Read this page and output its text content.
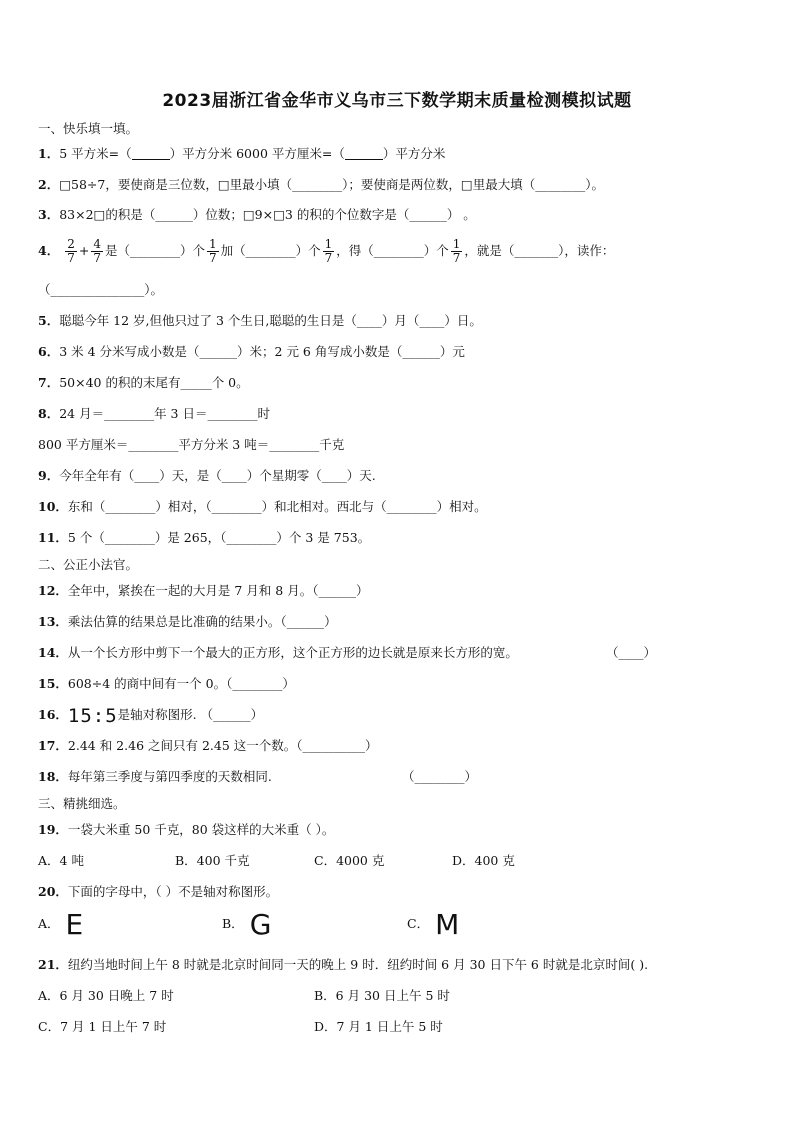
2023届浙江省金华市义乌市三下数学期末质量检测模拟试题
一、快乐填一填。
1．5 平方米=（	）平方分米 6000 平方厘米=（	）平方分米
2．□58÷7，要使商是三位数，□里最小填（________）；要使商是两位数，□里最大填（________）。
3．83×2□的积是（______）位数；□9×□3 的积的个位数字是（______） 。
4． $\frac{2}{7} + \frac{4}{7}$ 是（________）个 $\frac{1}{7}$ 加（________）个 $\frac{1}{7}$ ，得（________）个 $\frac{1}{7}$ ，就是（_______），读作：
（_______________）。
5．聪聪今年 12 岁,但他只过了 3 个生日,聪聪的生日是（____）月（____）日。
6．3 米 4 分米写成小数是（______）米；2 元 6 角写成小数是（______）元
7．50×40 的积的末尾有_____个 0。
8．24 月＝________年 3 日＝________时
800 平方厘米＝________平方分米 3 吨＝________千克
9．今年全年有（____）天，是（____）个星期零（____）天.
10．东和（________）相对，（________）和北相对。西北与（________）相对。
11．5 个（________）是 265，（________）个 3 是 753。
二、公正小法官。
12．全年中，紧挨在一起的大月是 7 月和 8 月。（______）
13．乘法估算的结果总是比准确的结果小。（______）
14．从一个长方形中剪下一个最大的正方形，这个正方形的边长就是原来长方形的宽。	（____）
15．608÷4 的商中间有一个 0。（________）
16．15:5是轴对称图形. （______）
17．2.44 和 2.46 之间只有 2.45 这一个数。（__________）
18．每年第三季度与第四季度的天数相同.	（________）
三、精挑细选。
19．一袋大米重 50 千克，80 袋这样的大米重（ ）。
A．4 吨	B．400 千克	C．4000 克	D．400 克
20．下面的字母中，（ ）不是轴对称图形。
A． E	B． G	C． M
21．纽约当地时间上午 8 时就是北京时间同一天的晚上 9 时．纽约时间 6 月 30 日下午 6 时就是北京时间( ).
A．6 月 30 日晚上 7 时	B．6 月 30 日上午 5 时
C．7 月 1 日上午 7 时	D．7 月 1 日上午 5 时
